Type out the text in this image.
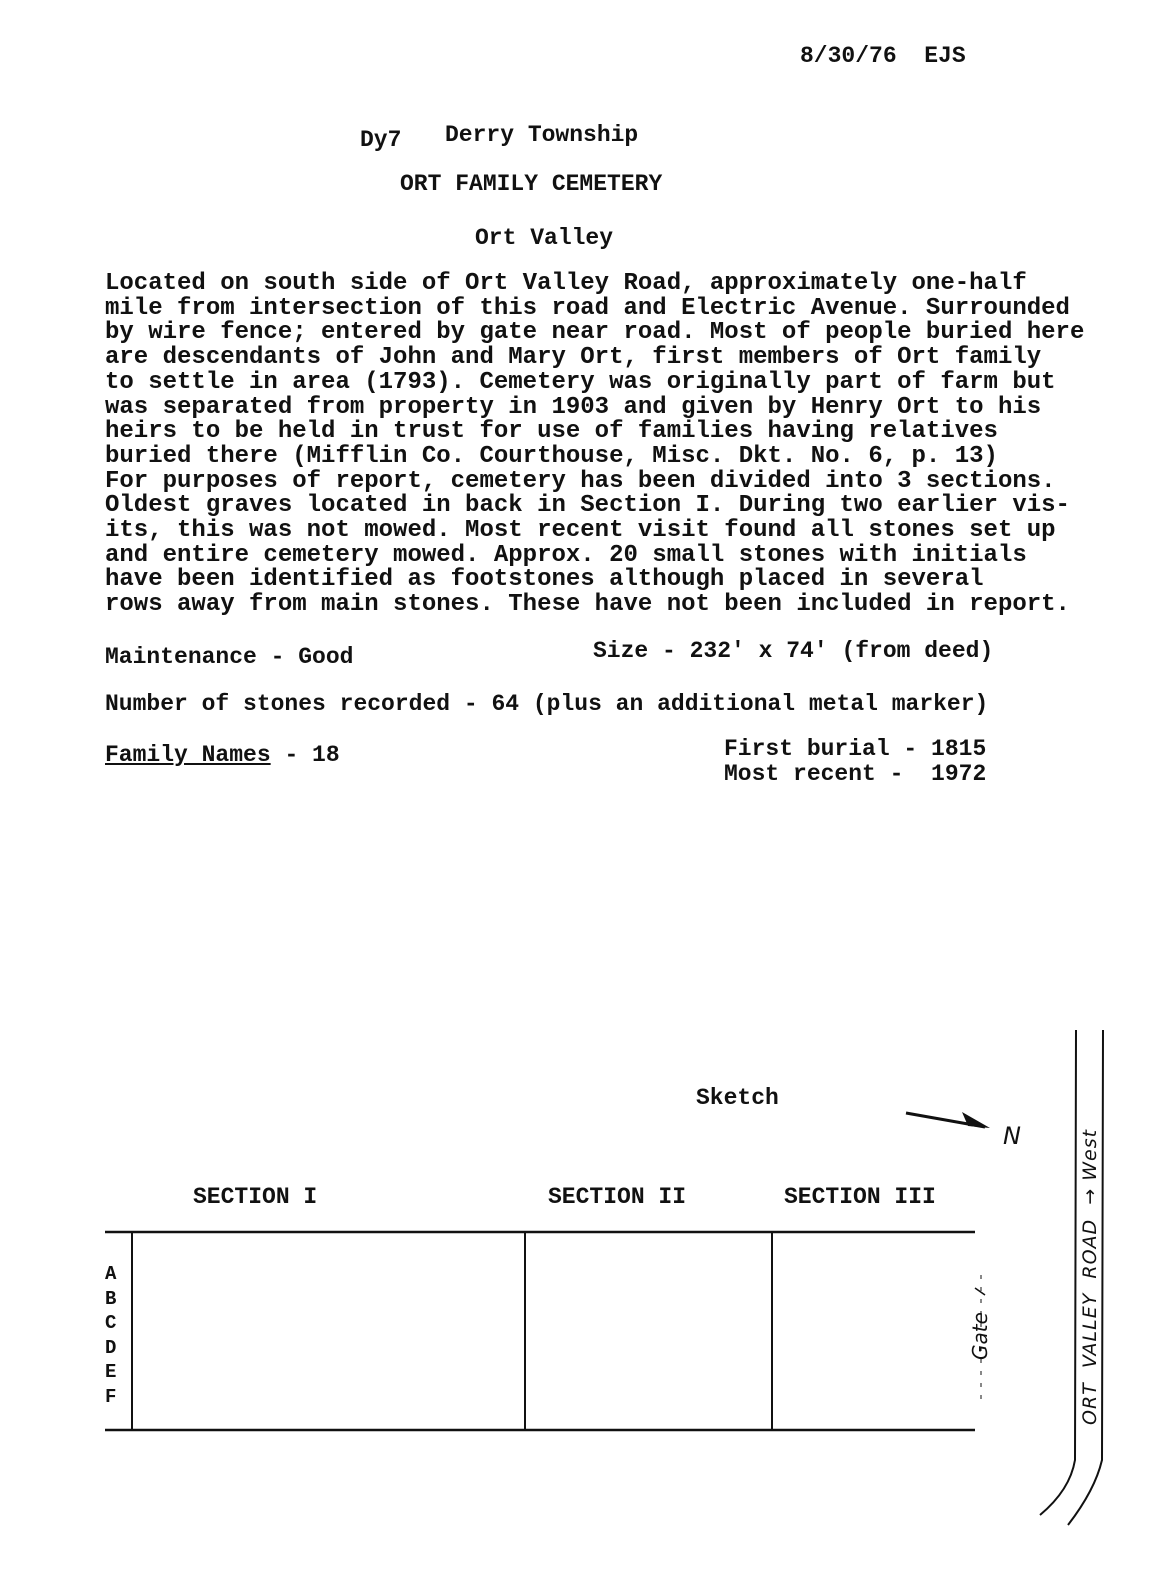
8/30/76  EJS
Dy7 Derry Township
ORT FAMILY CEMETERY
Ort Valley
Located on south side of Ort Valley Road, approximately one-half
mile from intersection of this road and Electric Avenue. Surrounded
by wire fence; entered by gate near road. Most of people buried here
are descendants of John and Mary Ort, first members of Ort family
to settle in area (1793). Cemetery was originally part of farm but
was separated from property in 1903 and given by Henry Ort to his
heirs to be held in trust for use of families having relatives
buried there (Mifflin Co. Courthouse, Misc. Dkt. No. 6, p. 13)
For purposes of report, cemetery has been divided into 3 sections.
Oldest graves located in back in Section I. During two earlier vis-
its, this was not mowed. Most recent visit found all stones set up
and entire cemetery mowed. Approx. 20 small stones with initials
have been identified as footstones although placed in several
rows away from main stones. These have not been included in report.
Maintenance - Good	Size - 232' x 74' (from deed)
Number of stones recorded - 64 (plus an additional metal marker)
Family Names - 18	First burial - 1815
Most recent -  1972
Sketch
N
SECTION I	SECTION II	SECTION III
A
B
C
D
E
F
Gate	ORT  VALLEY  ROAD  → West
